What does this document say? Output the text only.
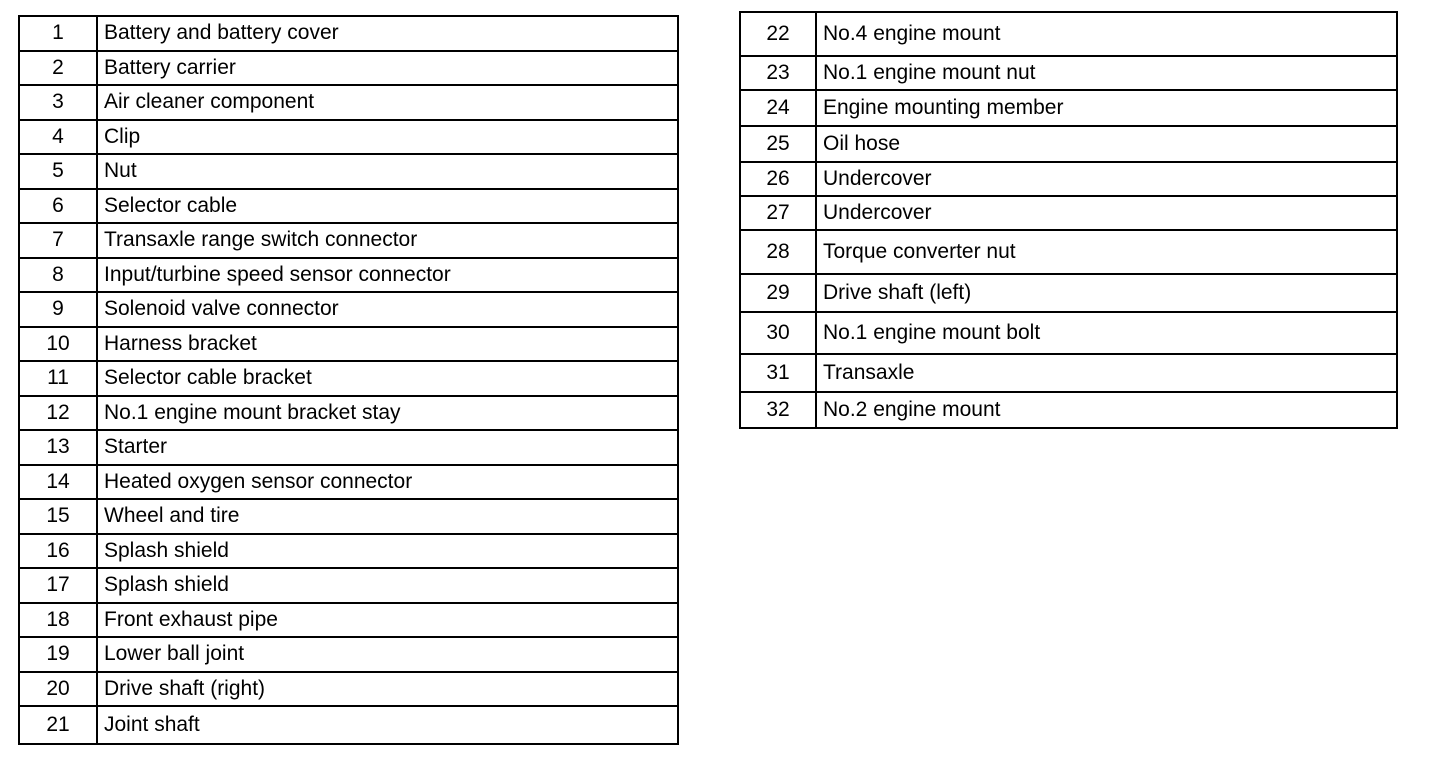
1	Battery and battery cover
2	Battery carrier
3	Air cleaner component
4	Clip
5	Nut
6	Selector cable
7	Transaxle range switch connector
8	Input/turbine speed sensor connector
9	Solenoid valve connector
10	Harness bracket
11	Selector cable bracket
12	No.1 engine mount bracket stay
13	Starter
14	Heated oxygen sensor connector
15	Wheel and tire
16	Splash shield
17	Splash shield
18	Front exhaust pipe
19	Lower ball joint
20	Drive shaft (right)
21	Joint shaft
22	No.4 engine mount
23	No.1 engine mount nut
24	Engine mounting member
25	Oil hose
26	Undercover
27	Undercover
28	Torque converter nut
29	Drive shaft (left)
30	No.1 engine mount bolt
31	Transaxle
32	No.2 engine mount
